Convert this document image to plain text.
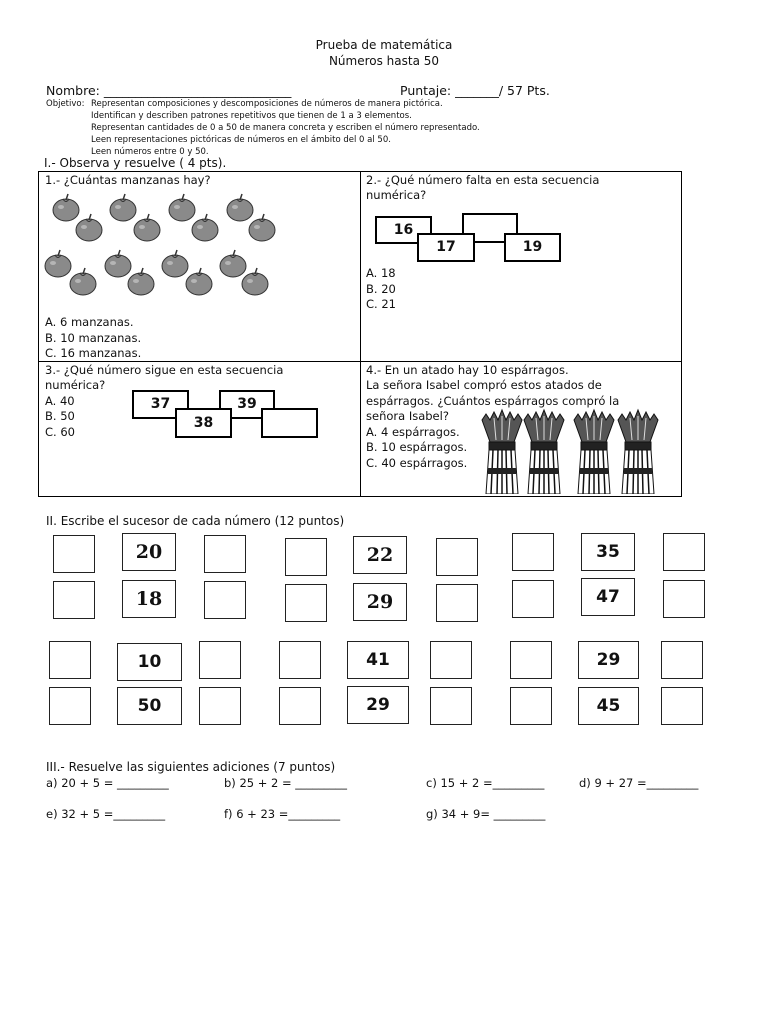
Prueba de matemática
Números hasta 50
Nombre: ______________________________	Puntaje: _______/ 57 Pts.
Objetivo: Representan composiciones y descomposiciones de números de manera pictórica.
Identifican y describen patrones repetitivos que tienen de 1 a 3 elementos.
Representan cantidades de 0 a 50 de manera concreta y escriben el número representado.
Leen representaciones pictóricas de números en el ámbito del 0 al 50.
Leen números entre 0 y 50.
I.- Observa y resuelve ( 4 pts).
1.- ¿Cuántas manzanas hay?
A. 6 manzanas.
B. 10 manzanas.
C. 16 manzanas.
2.- ¿Qué número falta en esta secuencia
numérica?
16
17	19
A. 18
B. 20
C. 21
3.- ¿Qué número sigue en esta secuencia
numérica?
37	39
38
A. 40
B. 50
C. 60
4.- En un atado hay 10 espárragos.
La señora Isabel compró estos atados de
espárragos. ¿Cuántos espárragos compró la
señora Isabel?
A. 4 espárragos.
B. 10 espárragos.
C. 40 espárragos.
II. Escribe el sucesor de cada número (12 puntos)
20	22	35
18	29	47
10	41	29
50	29	45
III.- Resuelve las siguientes adiciones (7 puntos)
a) 20 + 5 = _________	b) 25 + 2 = _________	c) 15 + 2 =_________	d) 9 + 27 =_________
e) 32 + 5 =_________	f) 6 + 23 =_________	g) 34 + 9= _________
